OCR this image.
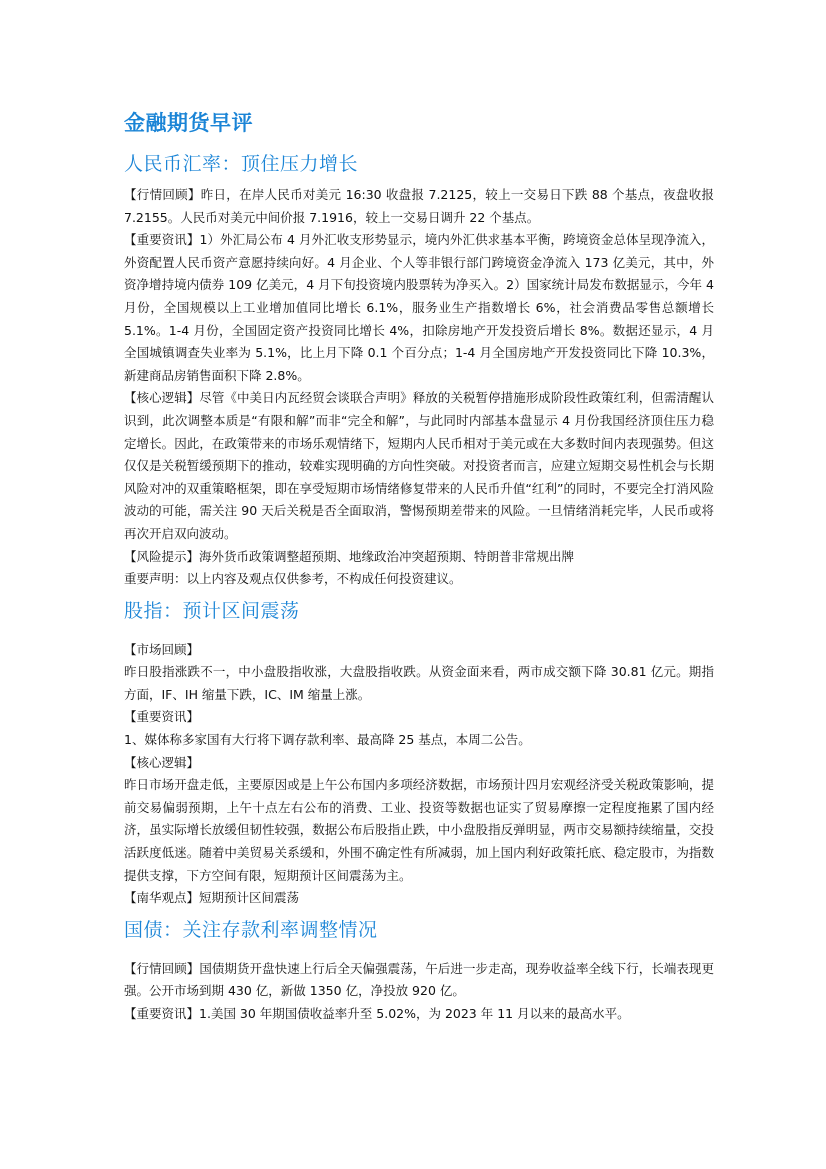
金融期货早评
人民币汇率：顶住压力增长

【行情回顾】昨日，在岸人民币对美元 16:30 收盘报 7.2125，较上一交易日下跌 88 个基点，夜盘收报 7.2155。人民币对美元中间价报 7.1916，较上一交易日调升 22 个基点。

【重要资讯】1）外汇局公布 4 月外汇收支形势显示，境内外汇供求基本平衡，跨境资金总体呈现净流入，外资配置人民币资产意愿持续向好。4 月企业、个人等非银行部门跨境资金净流入 173 亿美元，其中，外资净增持境内债券 109 亿美元，4 月下旬投资境内股票转为净买入。2）国家统计局发布数据显示，今年 4 月份，全国规模以上工业增加值同比增长 6.1%，服务业生产指数增长 6%，社会消费品零售总额增长 5.1%。1-4 月份，全国固定资产投资同比增长 4%，扣除房地产开发投资后增长 8%。数据还显示，4 月全国城镇调查失业率为 5.1%，比上月下降 0.1 个百分点；1-4 月全国房地产开发投资同比下降 10.3%，新建商品房销售面积下降 2.8%。

【核心逻辑】尽管《中美日内瓦经贸会谈联合声明》释放的关税暂停措施形成阶段性政策红利，但需清醒认识到，此次调整本质是“有限和解”而非“完全和解”，与此同时内部基本盘显示 4 月份我国经济顶住压力稳定增长。因此，在政策带来的市场乐观情绪下，短期内人民币相对于美元或在大多数时间内表现强势。但这仅仅是关税暂缓预期下的推动，较难实现明确的方向性突破。对投资者而言，应建立短期交易性机会与长期风险对冲的双重策略框架，即在享受短期市场情绪修复带来的人民币升值“红利”的同时，不要完全打消风险波动的可能，需关注 90 天后关税是否全面取消，警惕预期差带来的风险。一旦情绪消耗完毕，人民币或将再次开启双向波动。

【风险提示】海外货币政策调整超预期、地缘政治冲突超预期、特朗普非常规出牌

重要声明：以上内容及观点仅供参考，不构成任何投资建议。

股指：预计区间震荡

【市场回顾】

昨日股指涨跌不一，中小盘股指收涨，大盘股指收跌。从资金面来看，两市成交额下降 30.81 亿元。期指方面，IF、IH 缩量下跌，IC、IM 缩量上涨。

【重要资讯】

1、媒体称多家国有大行将下调存款利率、最高降 25 基点，本周二公告。

【核心逻辑】

昨日市场开盘走低，主要原因或是上午公布国内多项经济数据，市场预计四月宏观经济受关税政策影响，提前交易偏弱预期，上午十点左右公布的消费、工业、投资等数据也证实了贸易摩擦一定程度拖累了国内经济，虽实际增长放缓但韧性较强，数据公布后股指止跌，中小盘股指反弹明显，两市交易额持续缩量，交投活跃度低迷。随着中美贸易关系缓和，外围不确定性有所减弱，加上国内利好政策托底、稳定股市，为指数提供支撑，下方空间有限，短期预计区间震荡为主。

【南华观点】短期预计区间震荡

国债：关注存款利率调整情况

【行情回顾】国债期货开盘快速上行后全天偏强震荡，午后进一步走高，现券收益率全线下行，长端表现更强。公开市场到期 430 亿，新做 1350 亿，净投放 920 亿。

【重要资讯】1.美国 30 年期国债收益率升至 5.02%，为 2023 年 11 月以来的最高水平。
